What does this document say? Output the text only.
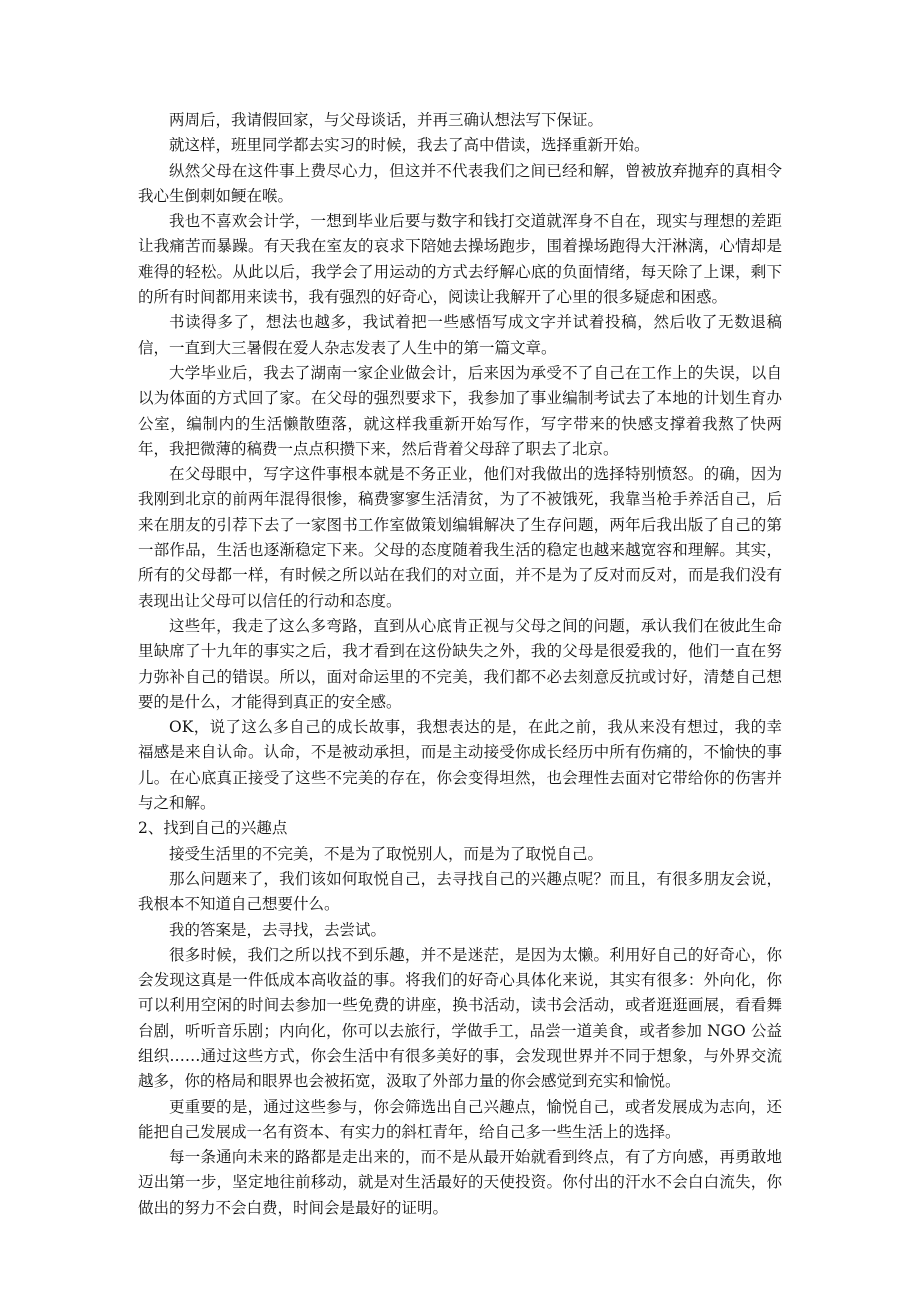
两周后，我请假回家，与父母谈话，并再三确认想法写下保证。

就这样，班里同学都去实习的时候，我去了高中借读，选择重新开始。

纵然父母在这件事上费尽心力，但这并不代表我们之间已经和解，曾被放弃抛弃的真相令我心生倒刺如鲠在喉。

我也不喜欢会计学，一想到毕业后要与数字和钱打交道就浑身不自在，现实与理想的差距让我痛苦而暴躁。有天我在室友的哀求下陪她去操场跑步，围着操场跑得大汗淋漓，心情却是难得的轻松。从此以后，我学会了用运动的方式去纾解心底的负面情绪，每天除了上课，剩下的所有时间都用来读书，我有强烈的好奇心，阅读让我解开了心里的很多疑虑和困惑。

书读得多了，想法也越多，我试着把一些感悟写成文字并试着投稿，然后收了无数退稿信，一直到大三暑假在爱人杂志发表了人生中的第一篇文章。

大学毕业后，我去了湖南一家企业做会计，后来因为承受不了自己在工作上的失误，以自以为体面的方式回了家。在父母的强烈要求下，我参加了事业编制考试去了本地的计划生育办公室，编制内的生活懒散堕落，就这样我重新开始写作，写字带来的快感支撑着我熬了快两年，我把微薄的稿费一点点积攒下来，然后背着父母辞了职去了北京。

在父母眼中，写字这件事根本就是不务正业，他们对我做出的选择特别愤怒。的确，因为我刚到北京的前两年混得很惨，稿费寥寥生活清贫，为了不被饿死，我靠当枪手养活自己，后来在朋友的引荐下去了一家图书工作室做策划编辑解决了生存问题，两年后我出版了自己的第一部作品，生活也逐渐稳定下来。父母的态度随着我生活的稳定也越来越宽容和理解。其实，所有的父母都一样，有时候之所以站在我们的对立面，并不是为了反对而反对，而是我们没有表现出让父母可以信任的行动和态度。

这些年，我走了这么多弯路，直到从心底肯正视与父母之间的问题，承认我们在彼此生命里缺席了十九年的事实之后，我才看到在这份缺失之外，我的父母是很爱我的，他们一直在努力弥补自己的错误。所以，面对命运里的不完美，我们都不必去刻意反抗或讨好，清楚自己想要的是什么，才能得到真正的安全感。

OK，说了这么多自己的成长故事，我想表达的是，在此之前，我从来没有想过，我的幸福感是来自认命。认命，不是被动承担，而是主动接受你成长经历中所有伤痛的，不愉快的事儿。在心底真正接受了这些不完美的存在，你会变得坦然，也会理性去面对它带给你的伤害并与之和解。

2、找到自己的兴趣点

接受生活里的不完美，不是为了取悦别人，而是为了取悦自己。

那么问题来了，我们该如何取悦自己，去寻找自己的兴趣点呢？而且，有很多朋友会说，我根本不知道自己想要什么。

我的答案是，去寻找，去尝试。

很多时候，我们之所以找不到乐趣，并不是迷茫，是因为太懒。利用好自己的好奇心，你会发现这真是一件低成本高收益的事。将我们的好奇心具体化来说，其实有很多：外向化，你可以利用空闲的时间去参加一些免费的讲座，换书活动，读书会活动，或者逛逛画展，看看舞台剧，听听音乐剧；内向化，你可以去旅行，学做手工，品尝一道美食，或者参加 NGO 公益组织……通过这些方式，你会生活中有很多美好的事，会发现世界并不同于想象，与外界交流越多，你的格局和眼界也会被拓宽，汲取了外部力量的你会感觉到充实和愉悦。

更重要的是，通过这些参与，你会筛选出自己兴趣点，愉悦自己，或者发展成为志向，还能把自己发展成一名有资本、有实力的斜杠青年，给自己多一些生活上的选择。

每一条通向未来的路都是走出来的，而不是从最开始就看到终点，有了方向感，再勇敢地迈出第一步，坚定地往前移动，就是对生活最好的天使投资。你付出的汗水不会白白流失，你做出的努力不会白费，时间会是最好的证明。
